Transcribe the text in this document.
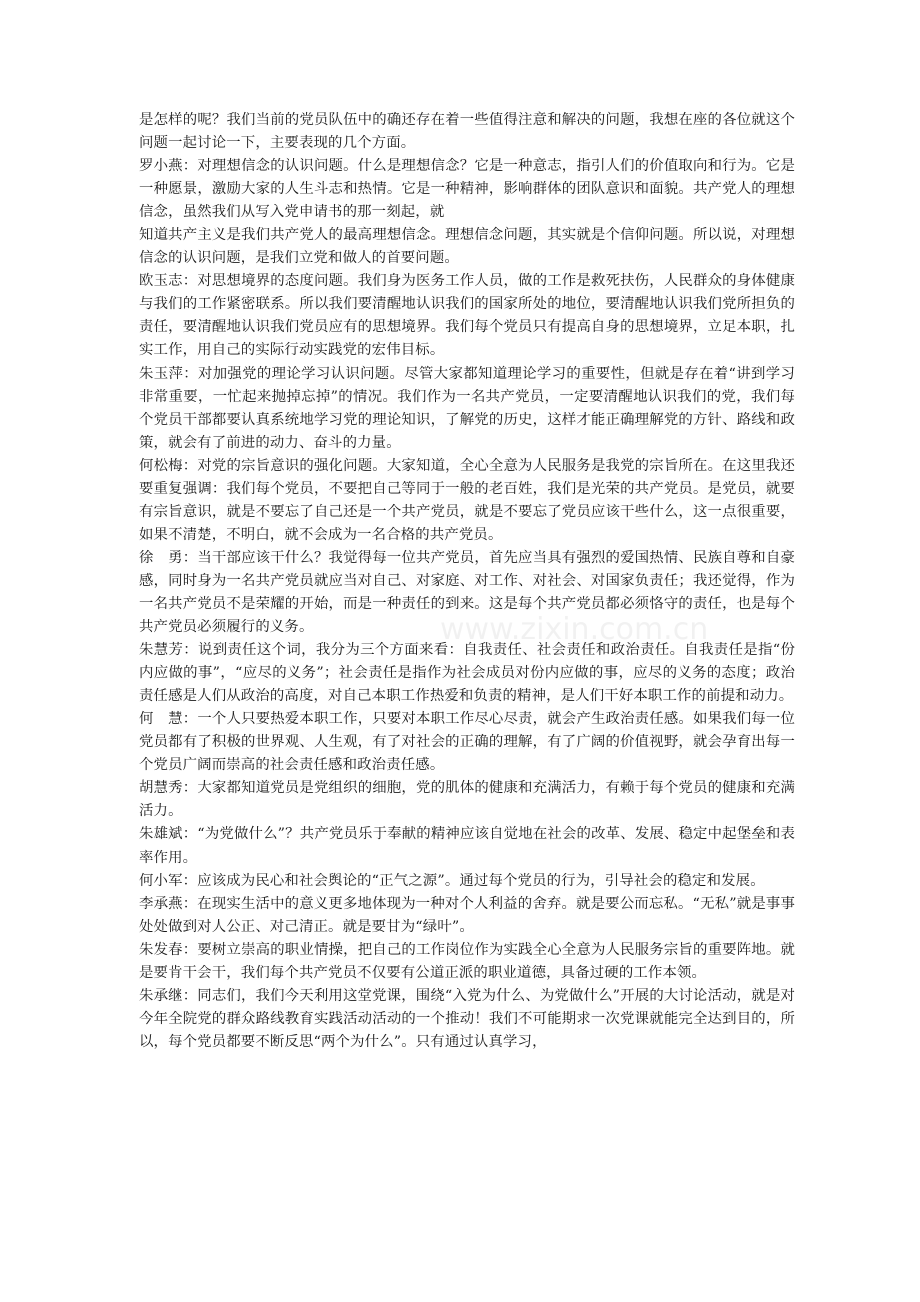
是怎样的呢？我们当前的党员队伍中的确还存在着一些值得注意和解决的问题，我想在座的各位就这个问题一起讨论一下，主要表现的几个方面。

罗小燕：对理想信念的认识问题。什么是理想信念？它是一种意志，指引人们的价值取向和行为。它是一种愿景，激励大家的人生斗志和热情。它是一种精神，影响群体的团队意识和面貌。共产党人的理想信念，虽然我们从写入党申请书的那一刻起，就

知道共产主义是我们共产党人的最高理想信念。理想信念问题，其实就是个信仰问题。所以说，对理想信念的认识问题，是我们立党和做人的首要问题。

欧玉志：对思想境界的态度问题。我们身为医务工作人员，做的工作是救死扶伤，人民群众的身体健康与我们的工作紧密联系。所以我们要清醒地认识我们的国家所处的地位，要清醒地认识我们党所担负的责任，要清醒地认识我们党员应有的思想境界。我们每个党员只有提高自身的思想境界，立足本职，扎实工作，用自己的实际行动实践党的宏伟目标。

朱玉萍：对加强党的理论学习认识问题。尽管大家都知道理论学习的重要性，但就是存在着“讲到学习非常重要，一忙起来抛掉忘掉”的情况。我们作为一名共产党员，一定要清醒地认识我们的党，我们每个党员干部都要认真系统地学习党的理论知识，了解党的历史，这样才能正确理解党的方针、路线和政策，就会有了前进的动力、奋斗的力量。

何松梅：对党的宗旨意识的强化问题。大家知道，全心全意为人民服务是我党的宗旨所在。在这里我还要重复强调：我们每个党员，不要把自己等同于一般的老百姓，我们是光荣的共产党员。是党员，就要有宗旨意识，就是不要忘了自己还是一个共产党员，就是不要忘了党员应该干些什么，这一点很重要，如果不清楚，不明白，就不会成为一名合格的共产党员。

徐　勇：当干部应该干什么？我觉得每一位共产党员，首先应当具有强烈的爱国热情、民族自尊和自豪感，同时身为一名共产党员就应当对自己、对家庭、对工作、对社会、对国家负责任；我还觉得，作为一名共产党员不是荣耀的开始，而是一种责任的到来。这是每个共产党员都必须恪守的责任，也是每个共产党员必须履行的义务。

朱慧芳：说到责任这个词，我分为三个方面来看：自我责任、社会责任和政治责任。自我责任是指“份内应做的事”，“应尽的义务”；社会责任是指作为社会成员对份内应做的事，应尽的义务的态度；政治责任感是人们从政治的高度，对自己本职工作热爱和负责的精神，是人们干好本职工作的前提和动力。

何　慧：一个人只要热爱本职工作，只要对本职工作尽心尽责，就会产生政治责任感。如果我们每一位党员都有了积极的世界观、人生观，有了对社会的正确的理解，有了广阔的价值视野，就会孕育出每一个党员广阔而崇高的社会责任感和政治责任感。

胡慧秀：大家都知道党员是党组织的细胞，党的肌体的健康和充满活力，有赖于每个党员的健康和充满活力。

朱雄斌：“为党做什么”？共产党员乐于奉献的精神应该自觉地在社会的改革、发展、稳定中起堡垒和表率作用。

何小军：应该成为民心和社会舆论的“正气之源”。通过每个党员的行为，引导社会的稳定和发展。

李承燕：在现实生活中的意义更多地体现为一种对个人利益的舍弃。就是要公而忘私。“无私”就是事事处处做到对人公正、对己清正。就是要甘为“绿叶”。

朱发春：要树立崇高的职业情操，把自己的工作岗位作为实践全心全意为人民服务宗旨的重要阵地。就是要肯干会干，我们每个共产党员不仅要有公道正派的职业道德，具备过硬的工作本领。

朱承继：同志们，我们今天利用这堂党课，围绕“入党为什么、为党做什么”开展的大讨论活动，就是对今年全院党的群众路线教育实践活动活动的一个推动！我们不可能期求一次党课就能完全达到目的，所以，每个党员都要不断反思“两个为什么”。只有通过认真学习，

www.zixin.com.cn
